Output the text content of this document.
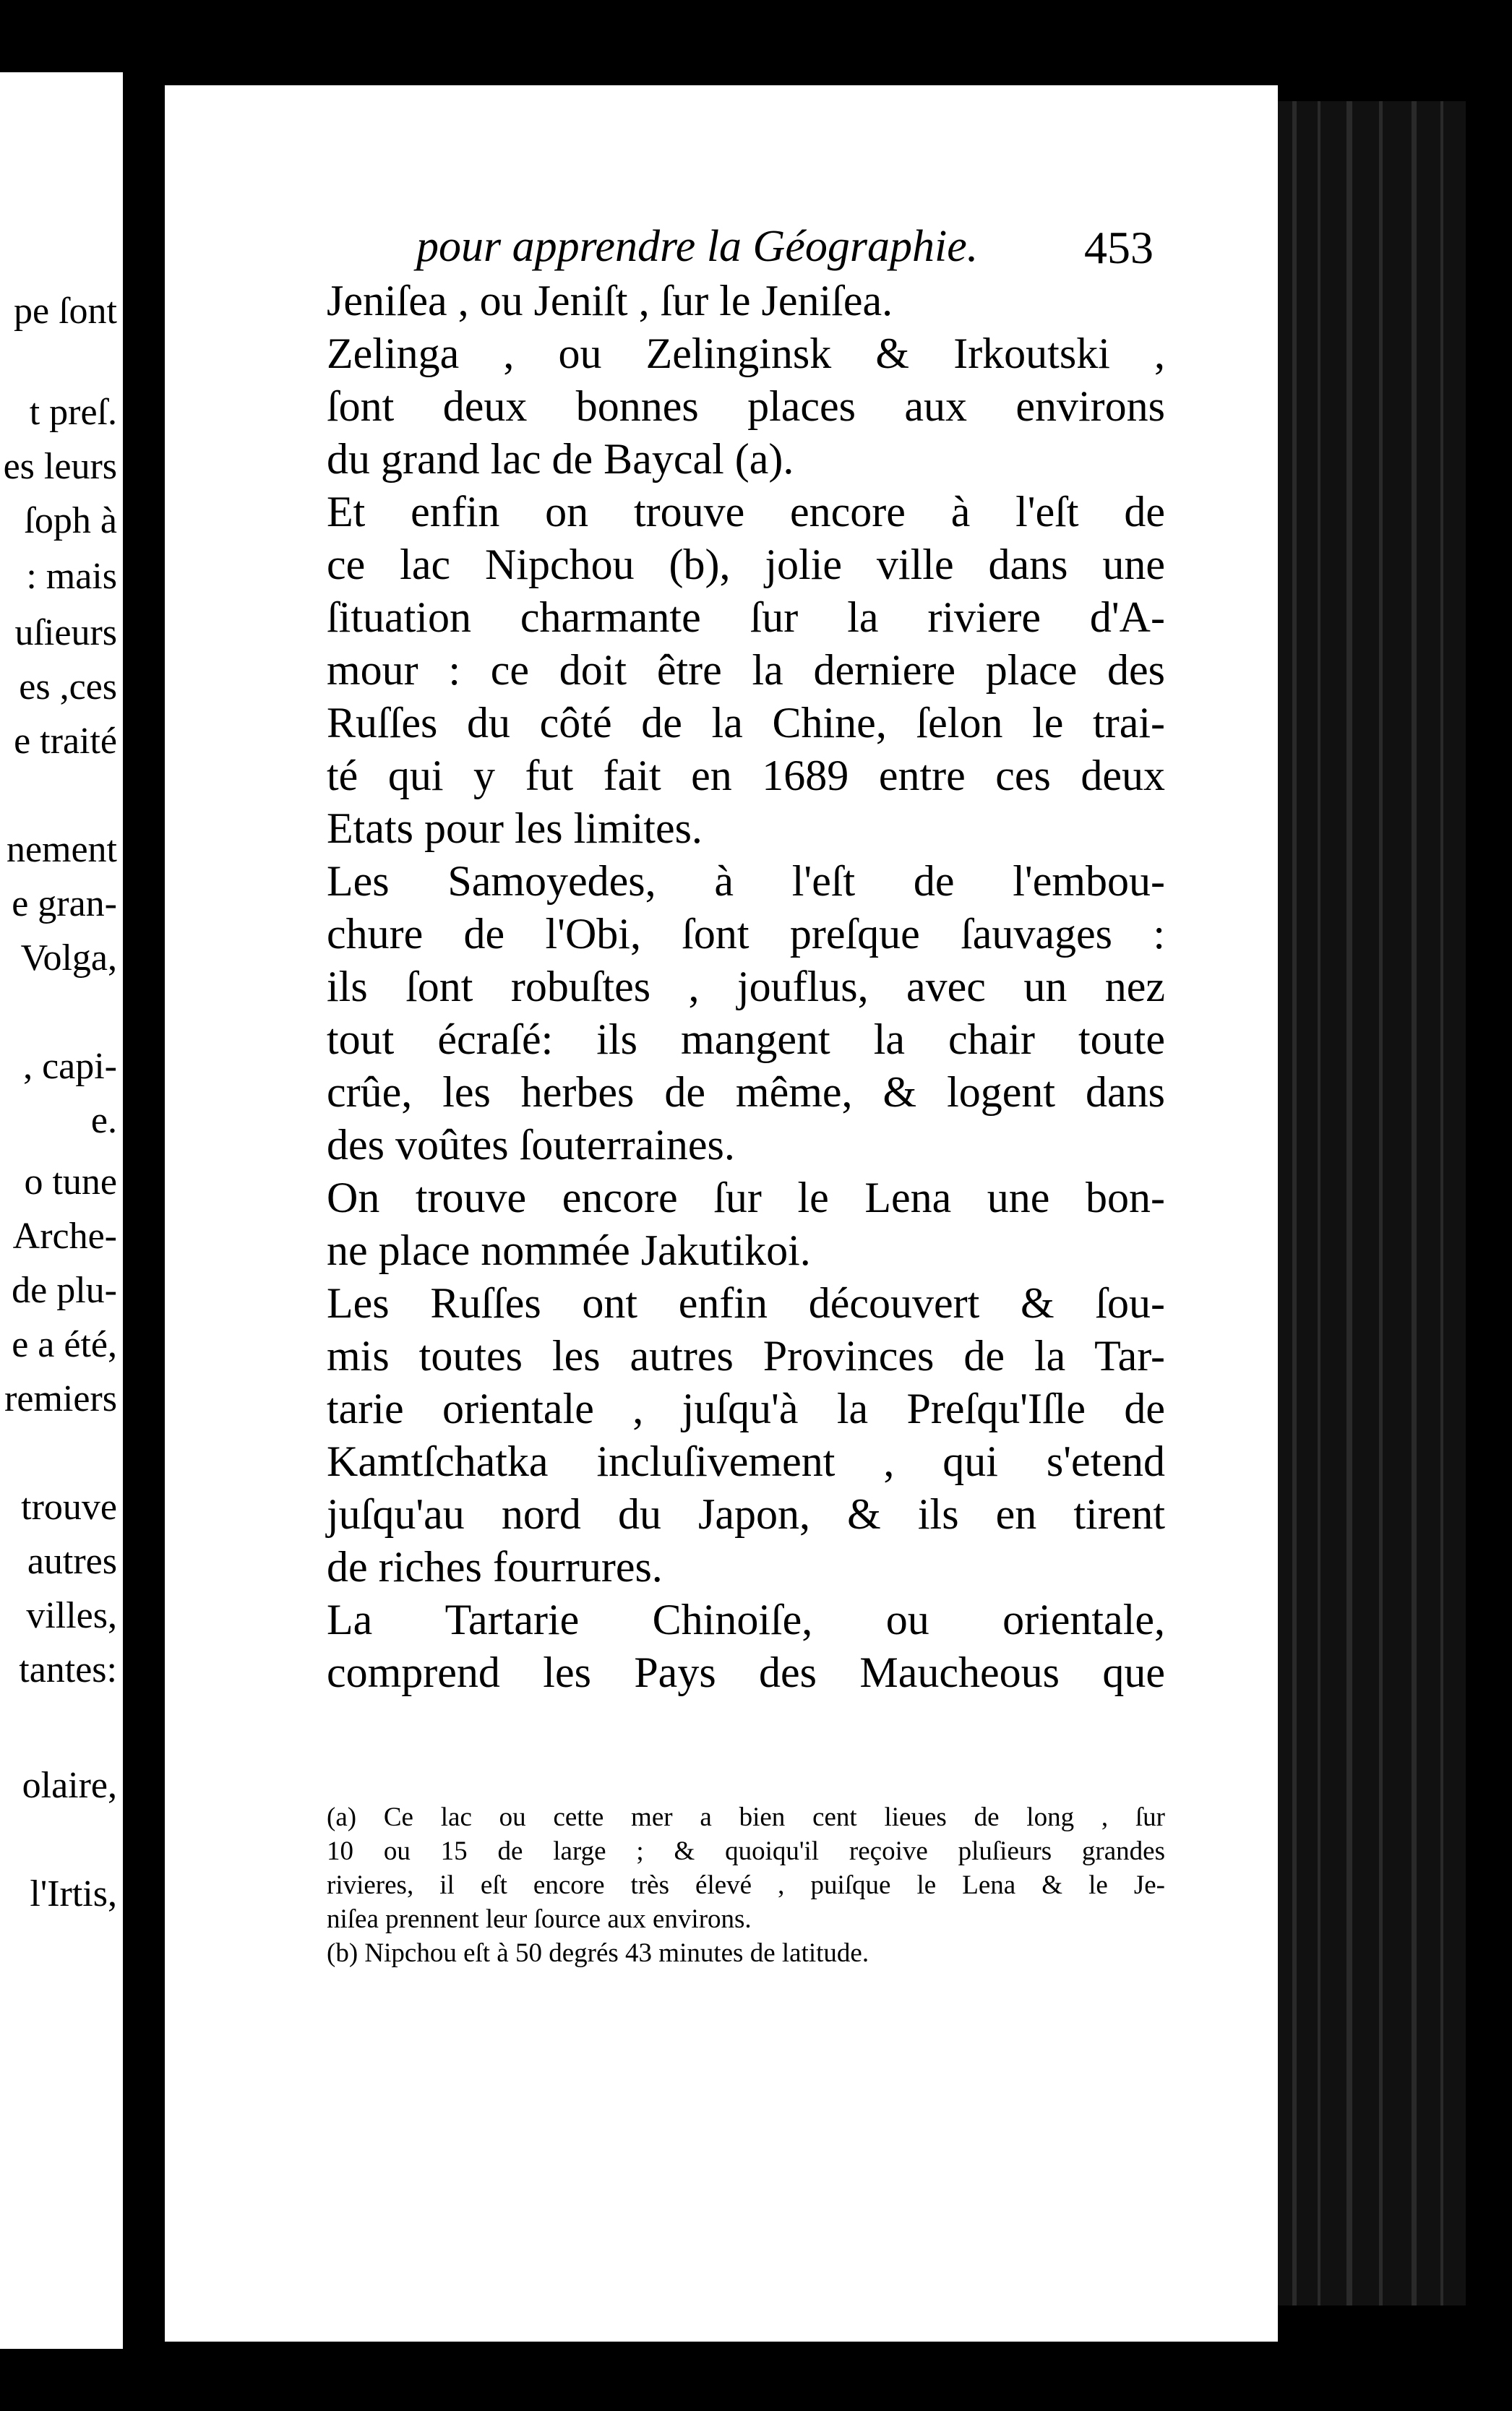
pe ſont
t preſ.
es leurs
ſoph à
: mais
uſieurs
es ,ces
e traité
nement
e gran-
Volga,
, capi-
e.
o tune
Arche-
de plu-
e a été,
remiers
trouve
autres
villes,
tantes:
olaire,
l'Irtis,
pour apprendre la Géographie.	453
Jeniſea , ou Jeniſt , ſur le Jeniſea.
Zelinga , ou Zelinginsk & Irkoutski ,
ſont deux bonnes places aux environs
du grand lac de Baycal (a).
Et enfin on trouve encore à l'eſt de
ce lac Nipchou (b), jolie ville dans une
ſituation charmante ſur la riviere d'A-
mour : ce doit être la derniere place des
Ruſſes du côté de la Chine, ſelon le trai-
té qui y fut fait en 1689 entre ces deux
Etats pour les limites.
Les Samoyedes, à l'eſt de l'embou-
chure de l'Obi, ſont preſque ſauvages :
ils ſont robuſtes , jouflus, avec un nez
tout écraſé: ils mangent la chair toute
crûe, les herbes de même, & logent dans
des voûtes ſouterraines.
On trouve encore ſur le Lena une bon-
ne place nommée Jakutikoi.
Les Ruſſes ont enfin découvert & ſou-
mis toutes les autres Provinces de la Tar-
tarie orientale , juſqu'à la Preſqu'Iſle de
Kamtſchatka incluſivement , qui s'etend
juſqu'au nord du Japon, & ils en tirent
de riches fourrures.
La Tartarie Chinoiſe, ou orientale,
comprend les Pays des Maucheous que
(a) Ce lac ou cette mer a bien cent lieues de long , ſur
10 ou 15 de large ; & quoiqu'il reçoive pluſieurs grandes
rivieres, il eſt encore très élevé , puiſque le Lena & le Je-
niſea prennent leur ſource aux environs.
(b) Nipchou eſt à 50 degrés 43 minutes de latitude.
